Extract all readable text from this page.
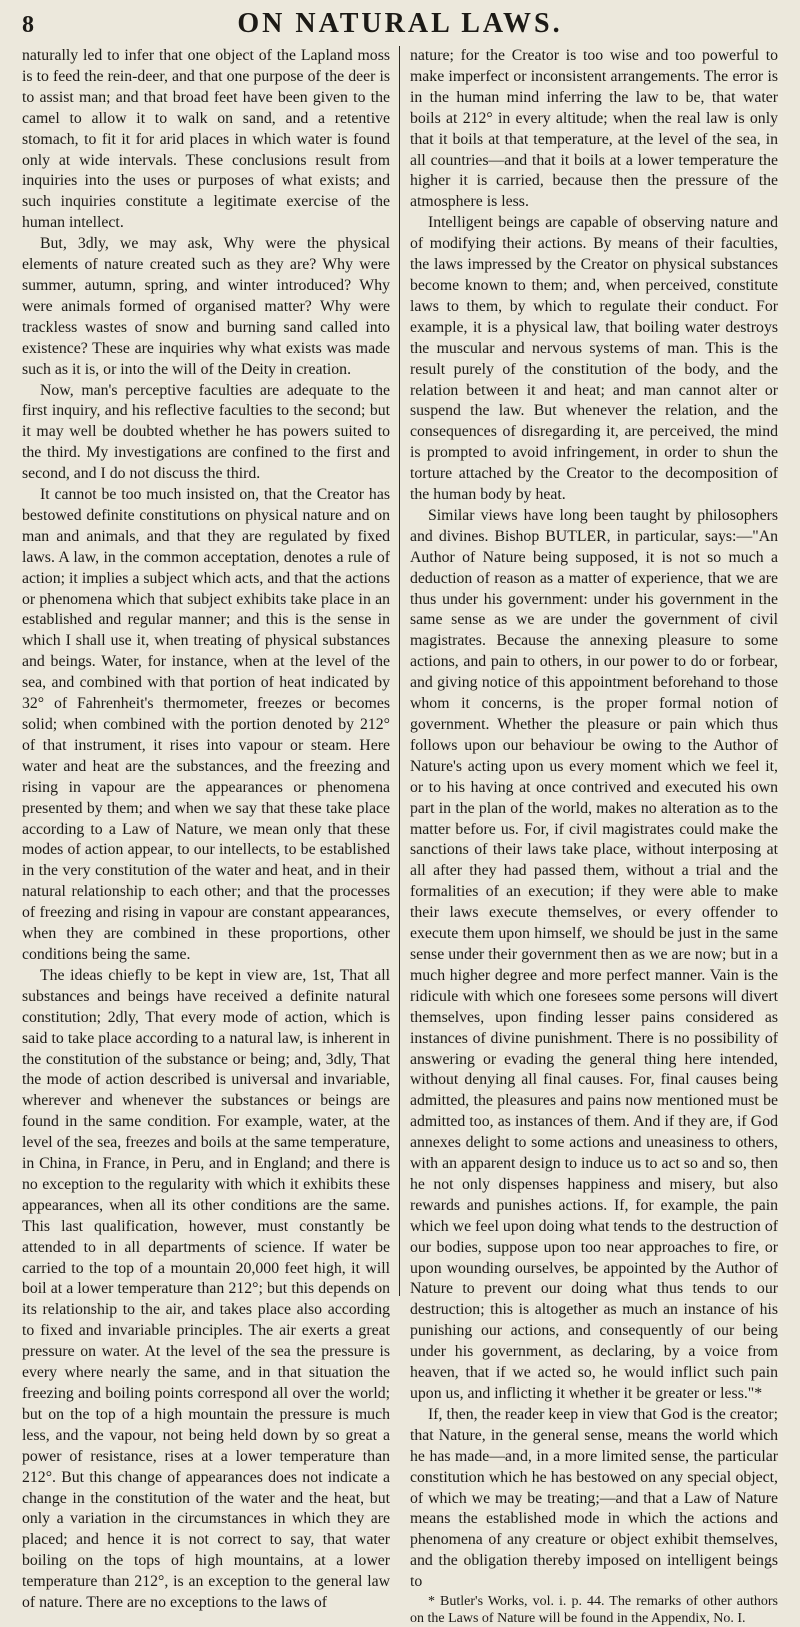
8	ON NATURAL LAWS.

naturally led to infer that one object of the Lapland moss is to feed the rein-deer, and that one purpose of the deer is to assist man; and that broad feet have been given to the camel to allow it to walk on sand, and a retentive stomach, to fit it for arid places in which water is found only at wide intervals. These conclusions result from inquiries into the uses or purposes of what exists; and such inquiries constitute a legitimate exercise of the human intellect.

But, 3dly, we may ask, Why were the physical elements of nature created such as they are? Why were summer, autumn, spring, and winter introduced? Why were animals formed of organised matter? Why were trackless wastes of snow and burning sand called into existence? These are inquiries why what exists was made such as it is, or into the will of the Deity in creation.

Now, man's perceptive faculties are adequate to the first inquiry, and his reflective faculties to the second; but it may well be doubted whether he has powers suited to the third. My investigations are confined to the first and second, and I do not discuss the third.

It cannot be too much insisted on, that the Creator has bestowed definite constitutions on physical nature and on man and animals, and that they are regulated by fixed laws. A law, in the common acceptation, denotes a rule of action; it implies a subject which acts, and that the actions or phenomena which that subject exhibits take place in an established and regular manner; and this is the sense in which I shall use it, when treating of physical substances and beings. Water, for instance, when at the level of the sea, and combined with that portion of heat indicated by 32° of Fahrenheit's thermometer, freezes or becomes solid; when combined with the portion denoted by 212° of that instrument, it rises into vapour or steam. Here water and heat are the substances, and the freezing and rising in vapour are the appearances or phenomena presented by them; and when we say that these take place according to a Law of Nature, we mean only that these modes of action appear, to our intellects, to be established in the very constitution of the water and heat, and in their natural relationship to each other; and that the processes of freezing and rising in vapour are constant appearances, when they are combined in these proportions, other conditions being the same.

The ideas chiefly to be kept in view are, 1st, That all substances and beings have received a definite natural constitution; 2dly, That every mode of action, which is said to take place according to a natural law, is inherent in the constitution of the substance or being; and, 3dly, That the mode of action described is universal and invariable, wherever and whenever the substances or beings are found in the same condition. For example, water, at the level of the sea, freezes and boils at the same temperature, in China, in France, in Peru, and in England; and there is no exception to the regularity with which it exhibits these appearances, when all its other conditions are the same. This last qualification, however, must constantly be attended to in all departments of science. If water be carried to the top of a mountain 20,000 feet high, it will boil at a lower temperature than 212°; but this depends on its relationship to the air, and takes place also according to fixed and invariable principles. The air exerts a great pressure on water. At the level of the sea the pressure is every where nearly the same, and in that situation the freezing and boiling points correspond all over the world; but on the top of a high mountain the pressure is much less, and the vapour, not being held down by so great a power of resistance, rises at a lower temperature than 212°. But this change of appearances does not indicate a change in the constitution of the water and the heat, but only a variation in the circumstances in which they are placed; and hence it is not correct to say, that water boiling on the tops of high mountains, at a lower temperature than 212°, is an exception to the general law of nature. There are no exceptions to the laws of

nature; for the Creator is too wise and too powerful to make imperfect or inconsistent arrangements. The error is in the human mind inferring the law to be, that water boils at 212° in every altitude; when the real law is only that it boils at that temperature, at the level of the sea, in all countries—and that it boils at a lower temperature the higher it is carried, because then the pressure of the atmosphere is less.

Intelligent beings are capable of observing nature and of modifying their actions. By means of their faculties, the laws impressed by the Creator on physical substances become known to them; and, when perceived, constitute laws to them, by which to regulate their conduct. For example, it is a physical law, that boiling water destroys the muscular and nervous systems of man. This is the result purely of the constitution of the body, and the relation between it and heat; and man cannot alter or suspend the law. But whenever the relation, and the consequences of disregarding it, are perceived, the mind is prompted to avoid infringement, in order to shun the torture attached by the Creator to the decomposition of the human body by heat.

Similar views have long been taught by philosophers and divines. Bishop BUTLER, in particular, says:—"An Author of Nature being supposed, it is not so much a deduction of reason as a matter of experience, that we are thus under his government: under his government in the same sense as we are under the government of civil magistrates. Because the annexing pleasure to some actions, and pain to others, in our power to do or forbear, and giving notice of this appointment beforehand to those whom it concerns, is the proper formal notion of government. Whether the pleasure or pain which thus follows upon our behaviour be owing to the Author of Nature's acting upon us every moment which we feel it, or to his having at once contrived and executed his own part in the plan of the world, makes no alteration as to the matter before us. For, if civil magistrates could make the sanctions of their laws take place, without interposing at all after they had passed them, without a trial and the formalities of an execution; if they were able to make their laws execute themselves, or every offender to execute them upon himself, we should be just in the same sense under their government then as we are now; but in a much higher degree and more perfect manner. Vain is the ridicule with which one foresees some persons will divert themselves, upon finding lesser pains considered as instances of divine punishment. There is no possibility of answering or evading the general thing here intended, without denying all final causes. For, final causes being admitted, the pleasures and pains now mentioned must be admitted too, as instances of them. And if they are, if God annexes delight to some actions and uneasiness to others, with an apparent design to induce us to act so and so, then he not only dispenses happiness and misery, but also rewards and punishes actions. If, for example, the pain which we feel upon doing what tends to the destruction of our bodies, suppose upon too near approaches to fire, or upon wounding ourselves, be appointed by the Author of Nature to prevent our doing what thus tends to our destruction; this is altogether as much an instance of his punishing our actions, and consequently of our being under his government, as declaring, by a voice from heaven, that if we acted so, he would inflict such pain upon us, and inflicting it whether it be greater or less."*

If, then, the reader keep in view that God is the creator; that Nature, in the general sense, means the world which he has made—and, in a more limited sense, the particular constitution which he has bestowed on any special object, of which we may be treating;—and that a Law of Nature means the established mode in which the actions and phenomena of any creature or object exhibit themselves, and the obligation thereby imposed on intelligent beings to

* Butler's Works, vol. i. p. 44. The remarks of other authors on the Laws of Nature will be found in the Appendix, No. I.
